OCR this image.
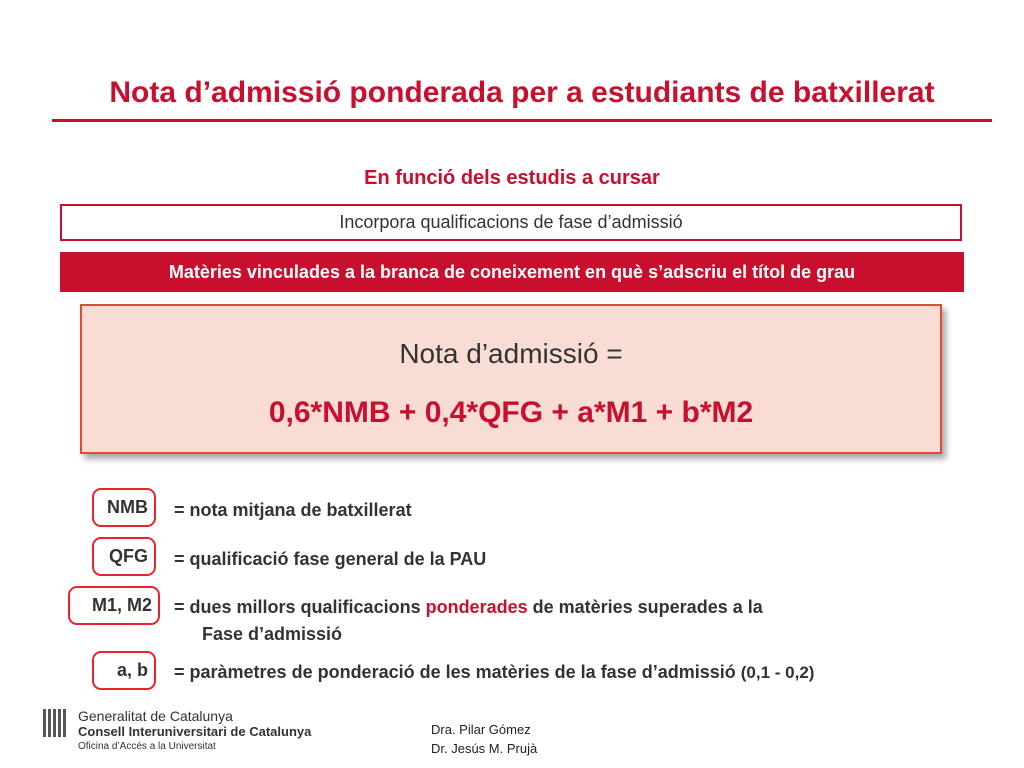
Nota d’admissió ponderada per a estudiants de batxillerat
En funció dels estudis a cursar
Incorpora qualificacions de fase d’admissió
Matèries vinculades a la branca de coneixement en què s’adscriu el títol de grau
Nota d’admissió =
0,6*NMB + 0,4*QFG + a*M1 + b*M2
NMB = nota mitjana de batxillerat
QFG = qualificació fase general de la PAU
M1, M2 = dues millors qualificacions ponderades de matèries superades a la
Fase d’admissió
a, b = paràmetres de ponderació de les matèries de la fase d’admissió (0,1 - 0,2)
Generalitat de Catalunya
Consell Interuniversitari de Catalunya
Oficina d’Accés a la Universitat
Dra. Pilar Gómez
Dr. Jesús M. Prujà
